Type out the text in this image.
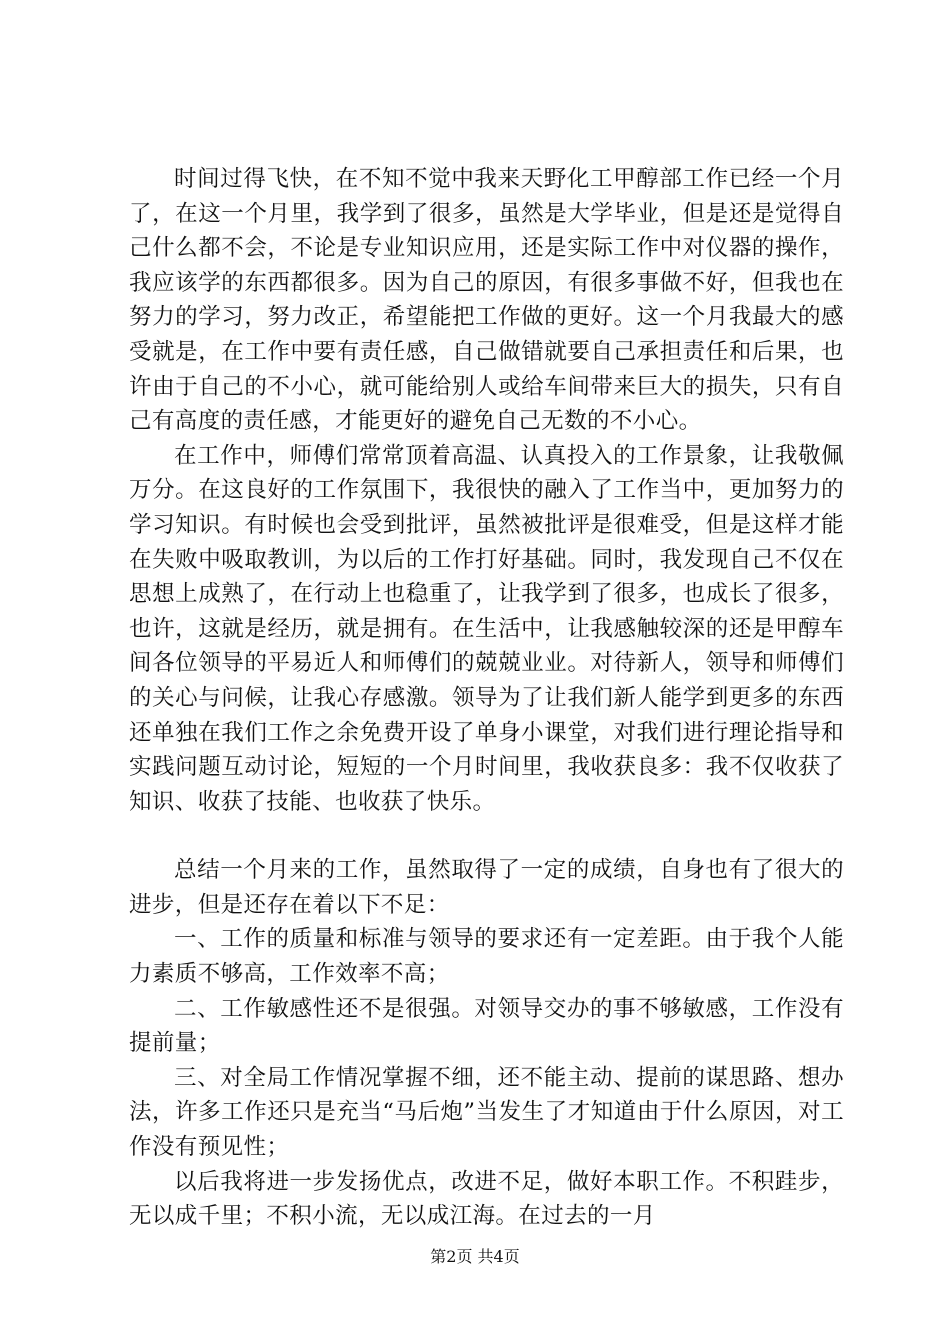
时间过得飞快，在不知不觉中我来天野化工甲醇部工作已经一个月了，在这一个月里，我学到了很多，虽然是大学毕业，但是还是觉得自己什么都不会，不论是专业知识应用，还是实际工作中对仪器的操作，我应该学的东西都很多。因为自己的原因，有很多事做不好，但我也在努力的学习，努力改正，希望能把工作做的更好。这一个月我最大的感受就是，在工作中要有责任感，自己做错就要自己承担责任和后果，也许由于自己的不小心，就可能给别人或给车间带来巨大的损失，只有自己有高度的责任感，才能更好的避免自己无数的不小心。

在工作中，师傅们常常顶着高温、认真投入的工作景象，让我敬佩万分。在这良好的工作氛围下，我很快的融入了工作当中，更加努力的学习知识。有时候也会受到批评，虽然被批评是很难受，但是这样才能在失败中吸取教训，为以后的工作打好基础。同时，我发现自己不仅在思想上成熟了，在行动上也稳重了，让我学到了很多，也成长了很多，也许，这就是经历，就是拥有。在生活中，让我感触较深的还是甲醇车间各位领导的平易近人和师傅们的兢兢业业。对待新人，领导和师傅们的关心与问候，让我心存感激。领导为了让我们新人能学到更多的东西还单独在我们工作之余免费开设了单身小课堂，对我们进行理论指导和实践问题互动讨论，短短的一个月时间里，我收获良多：我不仅收获了知识、收获了技能、也收获了快乐。

总结一个月来的工作，虽然取得了一定的成绩，自身也有了很大的进步，但是还存在着以下不足：

一、工作的质量和标准与领导的要求还有一定差距。由于我个人能力素质不够高，工作效率不高；

二、工作敏感性还不是很强。对领导交办的事不够敏感，工作没有提前量；

三、对全局工作情况掌握不细，还不能主动、提前的谋思路、想办法，许多工作还只是充当“马后炮”当发生了才知道由于什么原因，对工作没有预见性；

以后我将进一步发扬优点，改进不足，做好本职工作。不积跬步，无以成千里；不积小流，无以成江海。在过去的一月

第2页 共4页
